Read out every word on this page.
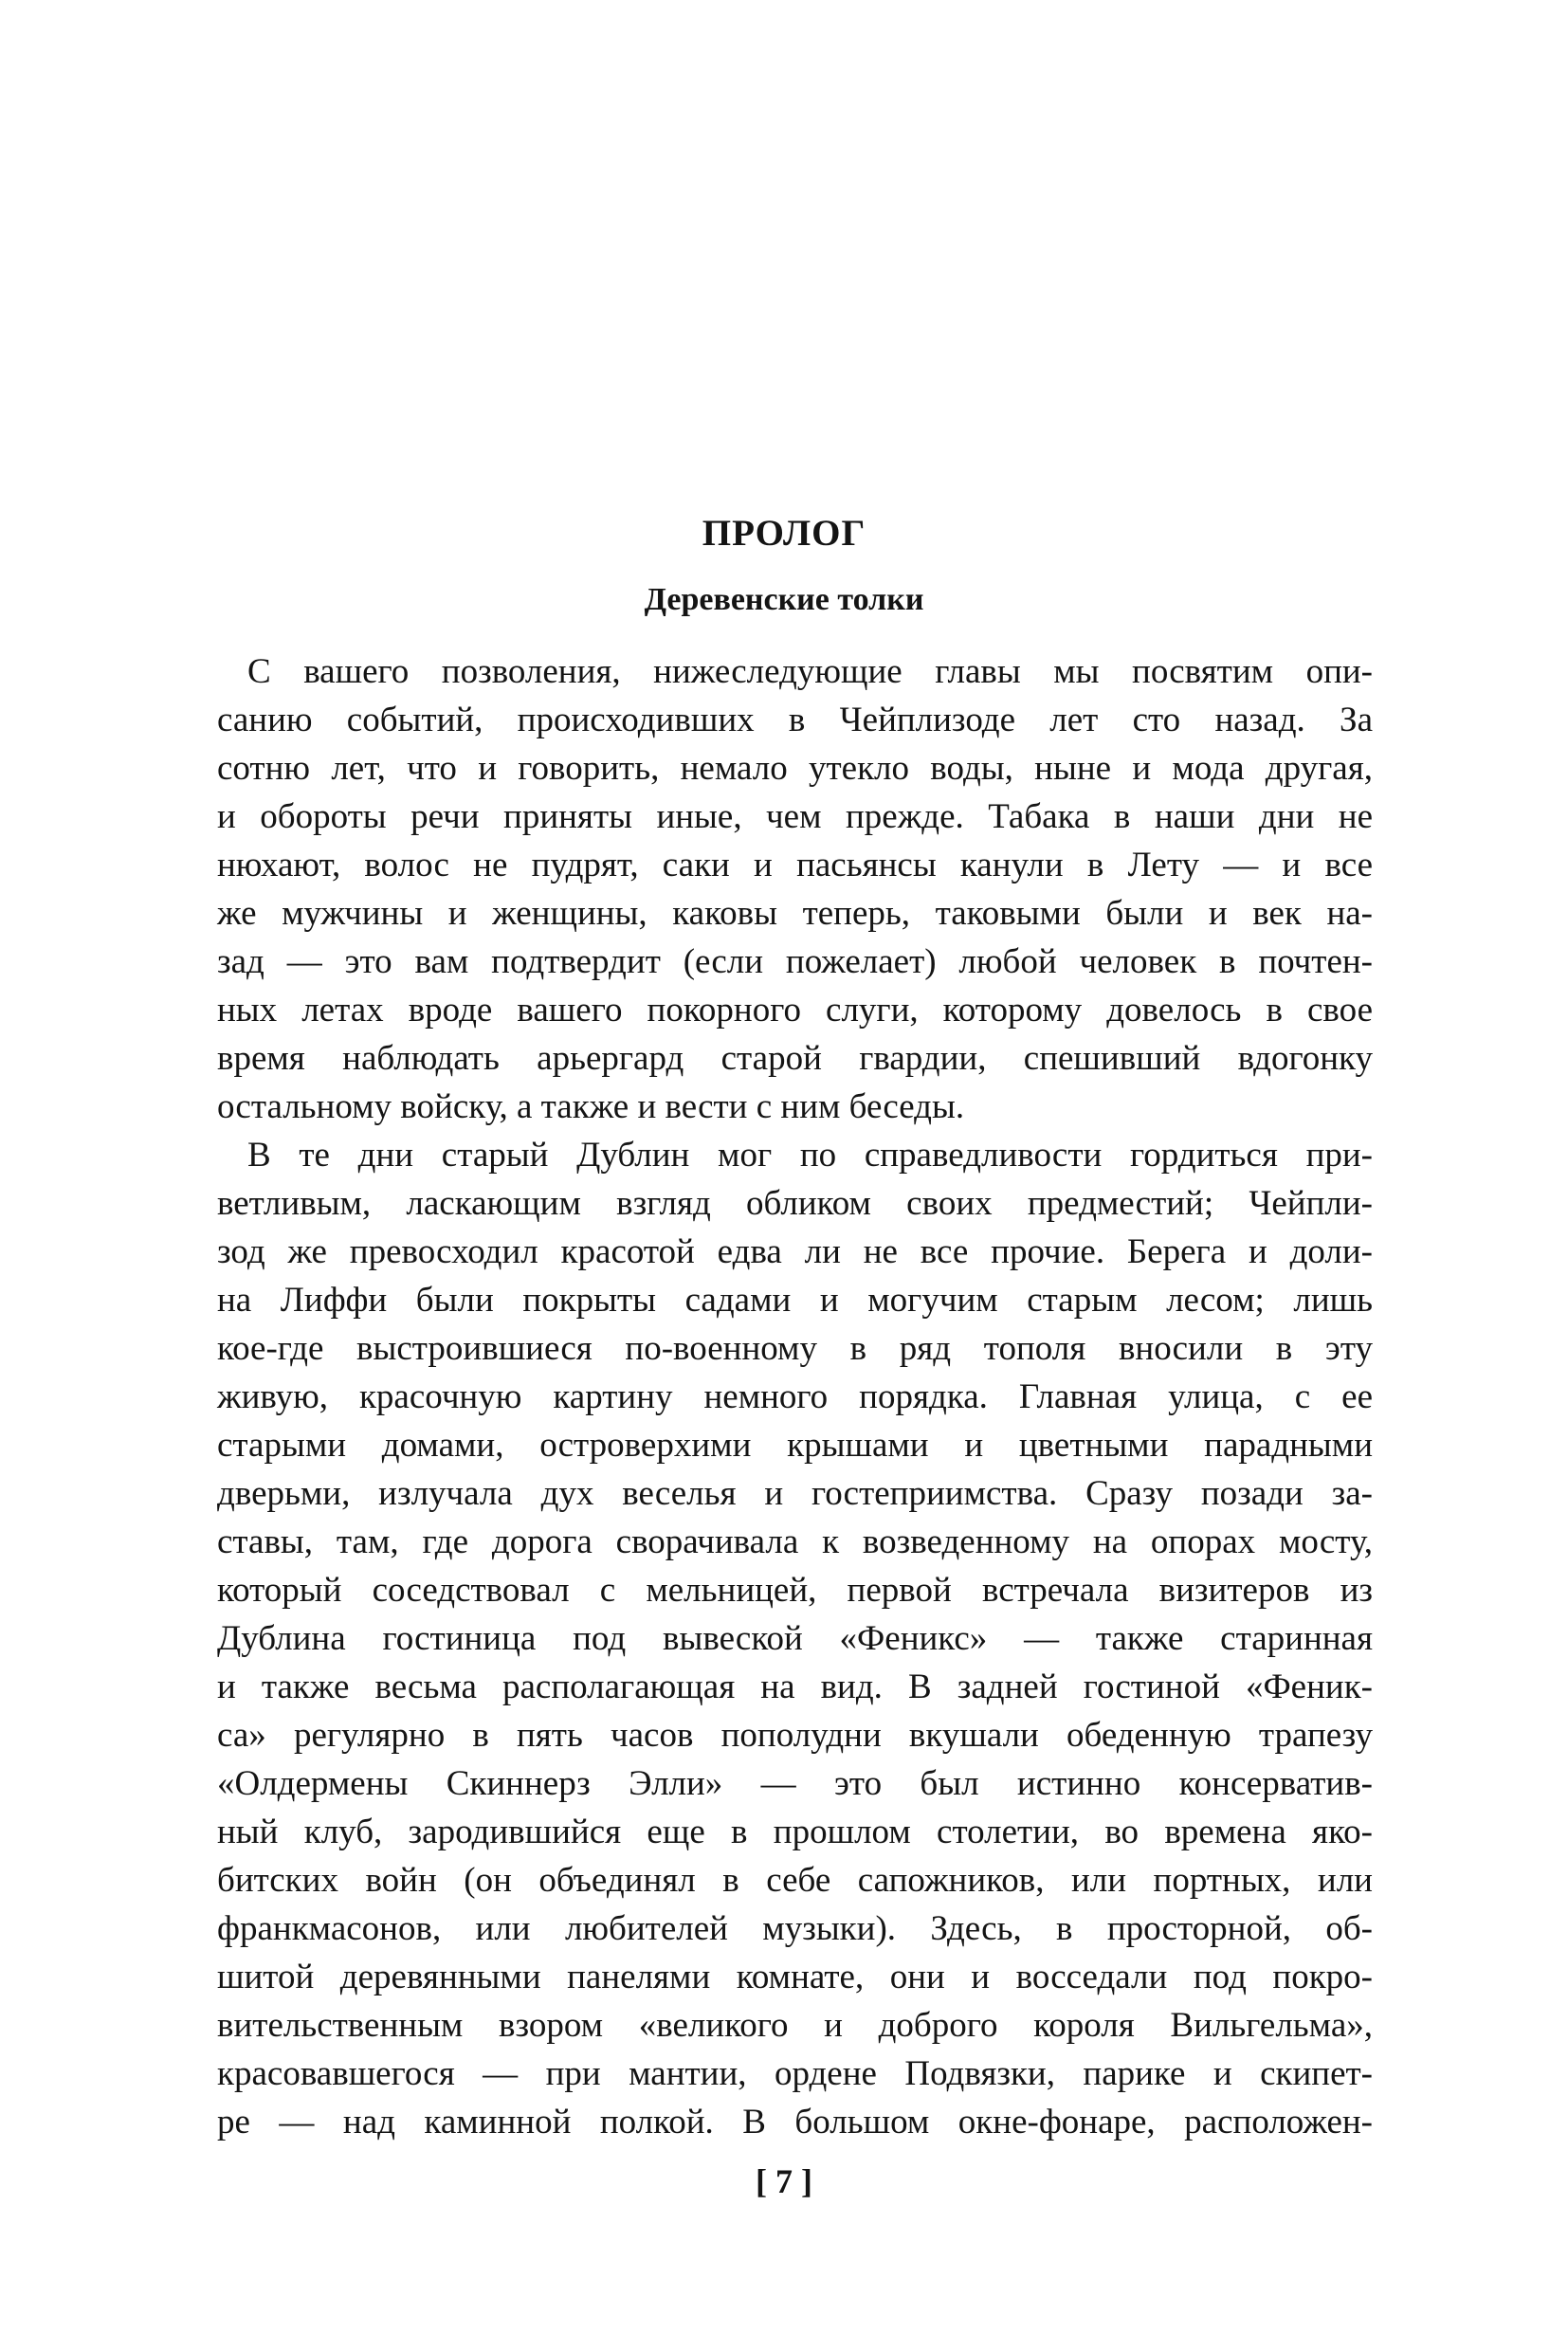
ПРОЛОГ
Деревенские толки
С вашего позволения, нижеследующие главы мы посвятим опи-
санию событий, происходивших в Чейплизоде лет сто назад. За
сотню лет, что и говорить, немало утекло воды, ныне и мода другая,
и обороты речи приняты иные, чем прежде. Табака в наши дни не
нюхают, волос не пудрят, саки и пасьянсы канули в Лету — и все
же мужчины и женщины, каковы теперь, таковыми были и век на-
зад — это вам подтвердит (если пожелает) любой человек в почтен-
ных летах вроде вашего покорного слуги, которому довелось в свое
время наблюдать арьергард старой гвардии, спешивший вдогонку
остальному войску, а также и вести с ним беседы.
В те дни старый Дублин мог по справедливости гордиться при-
ветливым, ласкающим взгляд обликом своих предместий; Чейпли-
зод же превосходил красотой едва ли не все прочие. Берега и доли-
на Лиффи были покрыты садами и могучим старым лесом; лишь
кое-где выстроившиеся по-военному в ряд тополя вносили в эту
живую, красочную картину немного порядка. Главная улица, с ее
старыми домами, островерхими крышами и цветными парадными
дверьми, излучала дух веселья и гостеприимства. Сразу позади за-
ставы, там, где дорога сворачивала к возведенному на опорах мосту,
который соседствовал с мельницей, первой встречала визитеров из
Дублина гостиница под вывеской «Феникс» — также старинная
и также весьма располагающая на вид. В задней гостиной «Феник-
са» регулярно в пять часов пополудни вкушали обеденную трапезу
«Олдермены Скиннерз Элли» — это был истинно консерватив-
ный клуб, зародившийся еще в прошлом столетии, во времена яко-
битских войн (он объединял в себе сапожников, или портных, или
франкмасонов, или любителей музыки). Здесь, в просторной, об-
шитой деревянными панелями комнате, они и восседали под покро-
вительственным взором «великого и доброго короля Вильгельма»,
красовавшегося — при мантии, ордене Подвязки, парике и скипет-
ре — над каминной полкой. В большом окне-фонаре, расположен-
[ 7 ]
